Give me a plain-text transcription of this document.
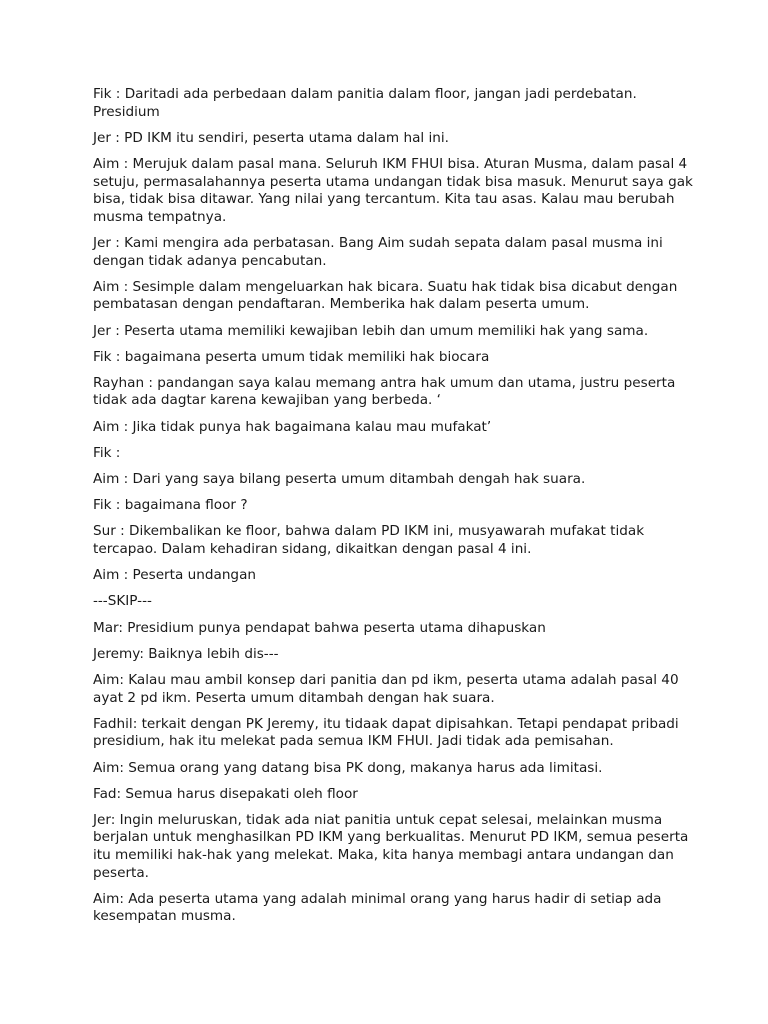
Fik : Daritadi ada perbedaan dalam panitia dalam floor, jangan jadi perdebatan. Presidium

Jer : PD IKM itu sendiri, peserta utama dalam hal ini.

Aim : Merujuk dalam pasal mana. Seluruh IKM FHUI bisa. Aturan Musma, dalam pasal 4 setuju, permasalahannya peserta utama undangan tidak bisa masuk. Menurut saya gak bisa, tidak bisa ditawar. Yang nilai yang tercantum. Kita tau asas. Kalau mau berubah musma tempatnya.

Jer : Kami mengira ada perbatasan. Bang Aim sudah sepata dalam pasal musma ini dengan tidak adanya pencabutan.

Aim : Sesimple dalam mengeluarkan hak bicara. Suatu hak tidak bisa dicabut dengan pembatasan dengan pendaftaran. Memberika hak dalam peserta umum.

Jer : Peserta utama memiliki kewajiban lebih dan umum memiliki hak yang sama.

Fik : bagaimana peserta umum tidak memiliki hak biocara

Rayhan : pandangan saya kalau memang antra hak umum dan utama, justru peserta tidak ada dagtar karena kewajiban yang berbeda. ‘

Aim : Jika tidak punya hak bagaimana kalau mau mufakat’

Fik :

Aim : Dari yang saya bilang peserta umum ditambah dengah hak suara.

Fik : bagaimana floor ?

Sur : Dikembalikan ke floor, bahwa dalam PD IKM ini, musyawarah mufakat tidak tercapao. Dalam kehadiran sidang, dikaitkan dengan pasal 4 ini.

Aim : Peserta undangan

---SKIP---

Mar: Presidium punya pendapat bahwa peserta utama dihapuskan

Jeremy: Baiknya lebih dis---

Aim: Kalau mau ambil konsep dari panitia dan pd ikm, peserta utama adalah pasal 40 ayat 2 pd ikm. Peserta umum ditambah dengan hak suara.

Fadhil: terkait dengan PK Jeremy, itu tidaak dapat dipisahkan. Tetapi pendapat pribadi presidium, hak itu melekat pada semua IKM FHUI. Jadi tidak ada pemisahan.

Aim: Semua orang yang datang bisa PK dong, makanya harus ada limitasi.

Fad: Semua harus disepakati oleh floor

Jer: Ingin meluruskan, tidak ada niat panitia untuk cepat selesai, melainkan musma berjalan untuk menghasilkan PD IKM yang berkualitas. Menurut PD IKM, semua peserta itu memiliki hak-hak yang melekat. Maka, kita hanya membagi antara undangan dan peserta.

Aim: Ada peserta utama yang adalah minimal orang yang harus hadir di setiap ada kesempatan musma.
